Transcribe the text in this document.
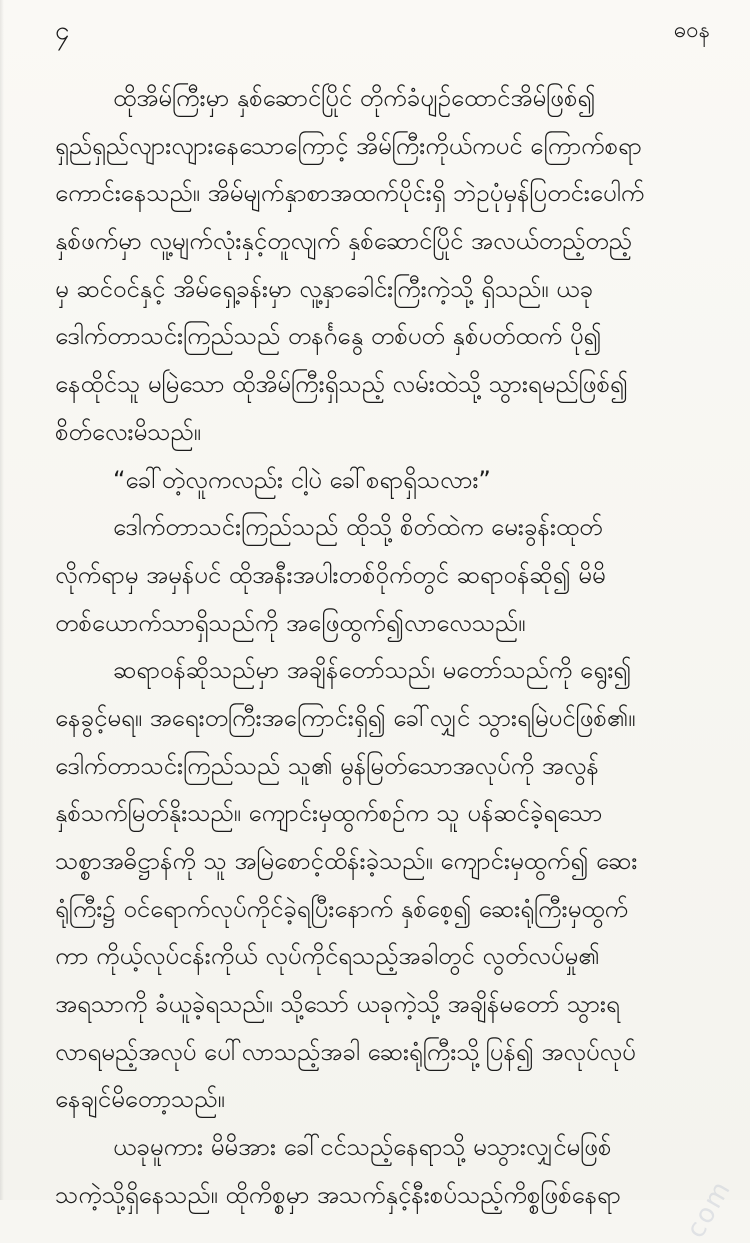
၄	ဓဝန
ထိုအိမ်ကြီးမှာ နှစ်ဆောင်ပြိုင် တိုက်ခံပျဉ်ထောင်အိမ်ဖြစ်၍
ရှည်ရှည်လျားလျားနေသောကြောင့် အိမ်ကြီးကိုယ်ကပင် ကြောက်စရာ
ကောင်းနေသည်။ အိမ်မျက်နှာစာအထက်ပိုင်းရှိ ဘဲဥပုံမှန်ပြတင်းပေါက်
နှစ်ဖက်မှာ လူ့မျက်လုံးနှင့်တူလျက် နှစ်ဆောင်ပြိုင် အလယ်တည့်တည့်
မှ ဆင်ဝင်နှင့် အိမ်ရှေ့ခန်းမှာ လူ့နှာခေါင်းကြီးကဲ့သို့ ရှိသည်။ ယခု
ဒေါက်တာသင်းကြည်သည် တနင်္ဂနွေ တစ်ပတ် နှစ်ပတ်ထက် ပို၍
နေထိုင်သူ မမြဲသော ထိုအိမ်ကြီးရှိသည့် လမ်းထဲသို့ သွားရမည်ဖြစ်၍
စိတ်လေးမိသည်။
“ခေါ်တဲ့လူကလည်း ငါ့ပဲ ခေါ်စရာရှိသလား”
ဒေါက်တာသင်းကြည်သည် ထိုသို့ စိတ်ထဲက မေးခွန်းထုတ်
လိုက်ရာမှ အမှန်ပင် ထိုအနီးအပါးတစ်ဝိုက်တွင် ဆရာဝန်ဆို၍ မိမိ
တစ်ယောက်သာရှိသည်ကို အဖြေထွက်၍လာလေသည်။
ဆရာဝန်ဆိုသည်မှာ အချိန်တော်သည်၊ မတော်သည်ကို ရွေး၍
နေခွင့်မရ။ အရေးတကြီးအကြောင်းရှိ၍ ခေါ်လျှင် သွားရမြဲပင်ဖြစ်၏။
ဒေါက်တာသင်းကြည်သည် သူ၏ မွန်မြတ်သောအလုပ်ကို အလွန်
နှစ်သက်မြတ်နိုးသည်။ ကျောင်းမှထွက်စဉ်က သူ ပန်ဆင်ခဲ့ရသော
သစ္စာအဓိဋ္ဌာန်ကို သူ အမြဲစောင့်ထိန်းခဲ့သည်။ ကျောင်းမှထွက်၍ ဆေး
ရုံကြီး၌ ဝင်ရောက်လုပ်ကိုင်ခဲ့ရပြီးနောက် နှစ်စေ့၍ ဆေးရုံကြီးမှထွက်
ကာ ကိုယ့်လုပ်ငန်းကိုယ် လုပ်ကိုင်ရသည့်အခါတွင် လွတ်လပ်မှု၏
အရသာကို ခံယူခဲ့ရသည်။ သို့သော် ယခုကဲ့သို့ အချိန်မတော် သွားရ
လာရမည့်အလုပ် ပေါ်လာသည့်အခါ ဆေးရုံကြီးသို့ပြန်၍ အလုပ်လုပ်
နေချင်မိတော့သည်။
ယခုမူကား မိမိအား ခေါ်ငင်သည့်နေရာသို့ မသွားလျှင်မဖြစ်
သကဲ့သို့ရှိနေသည်။ ထိုကိစ္စမှာ အသက်နှင့်နီးစပ်သည့်ကိစ္စဖြစ်နေရာ	com
